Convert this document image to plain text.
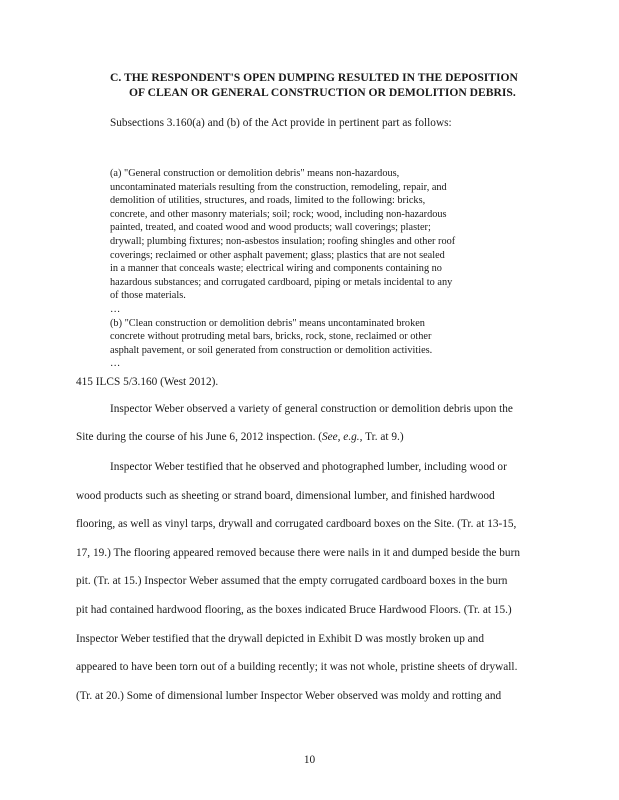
C. THE RESPONDENT'S OPEN DUMPING RESULTED IN THE DEPOSITION
OF CLEAN OR GENERAL CONSTRUCTION OR DEMOLITION DEBRIS.

Subsections 3.160(a) and (b) of the Act provide in pertinent part as follows:

(a) "General construction or demolition debris" means non-hazardous,
uncontaminated materials resulting from the construction, remodeling, repair, and
demolition of utilities, structures, and roads, limited to the following: bricks,
concrete, and other masonry materials; soil; rock; wood, including non-hazardous
painted, treated, and coated wood and wood products; wall coverings; plaster;
drywall; plumbing fixtures; non-asbestos insulation; roofing shingles and other roof
coverings; reclaimed or other asphalt pavement; glass; plastics that are not sealed
in a manner that conceals waste; electrical wiring and components containing no
hazardous substances; and corrugated cardboard, piping or metals incidental to any
of those materials.
…
(b) "Clean construction or demolition debris" means uncontaminated broken
concrete without protruding metal bars, bricks, rock, stone, reclaimed or other
asphalt pavement, or soil generated from construction or demolition activities.
…

415 ILCS 5/3.160 (West 2012).

Inspector Weber observed a variety of general construction or demolition debris upon the

Site during the course of his June 6, 2012 inspection. (See, e.g., Tr. at 9.)

Inspector Weber testified that he observed and photographed lumber, including wood or

wood products such as sheeting or strand board, dimensional lumber, and finished hardwood

flooring, as well as vinyl tarps, drywall and corrugated cardboard boxes on the Site. (Tr. at 13-15,

17, 19.) The flooring appeared removed because there were nails in it and dumped beside the burn

pit. (Tr. at 15.) Inspector Weber assumed that the empty corrugated cardboard boxes in the burn

pit had contained hardwood flooring, as the boxes indicated Bruce Hardwood Floors. (Tr. at 15.)

Inspector Weber testified that the drywall depicted in Exhibit D was mostly broken up and

appeared to have been torn out of a building recently; it was not whole, pristine sheets of drywall.

(Tr. at 20.) Some of dimensional lumber Inspector Weber observed was moldy and rotting and

10
